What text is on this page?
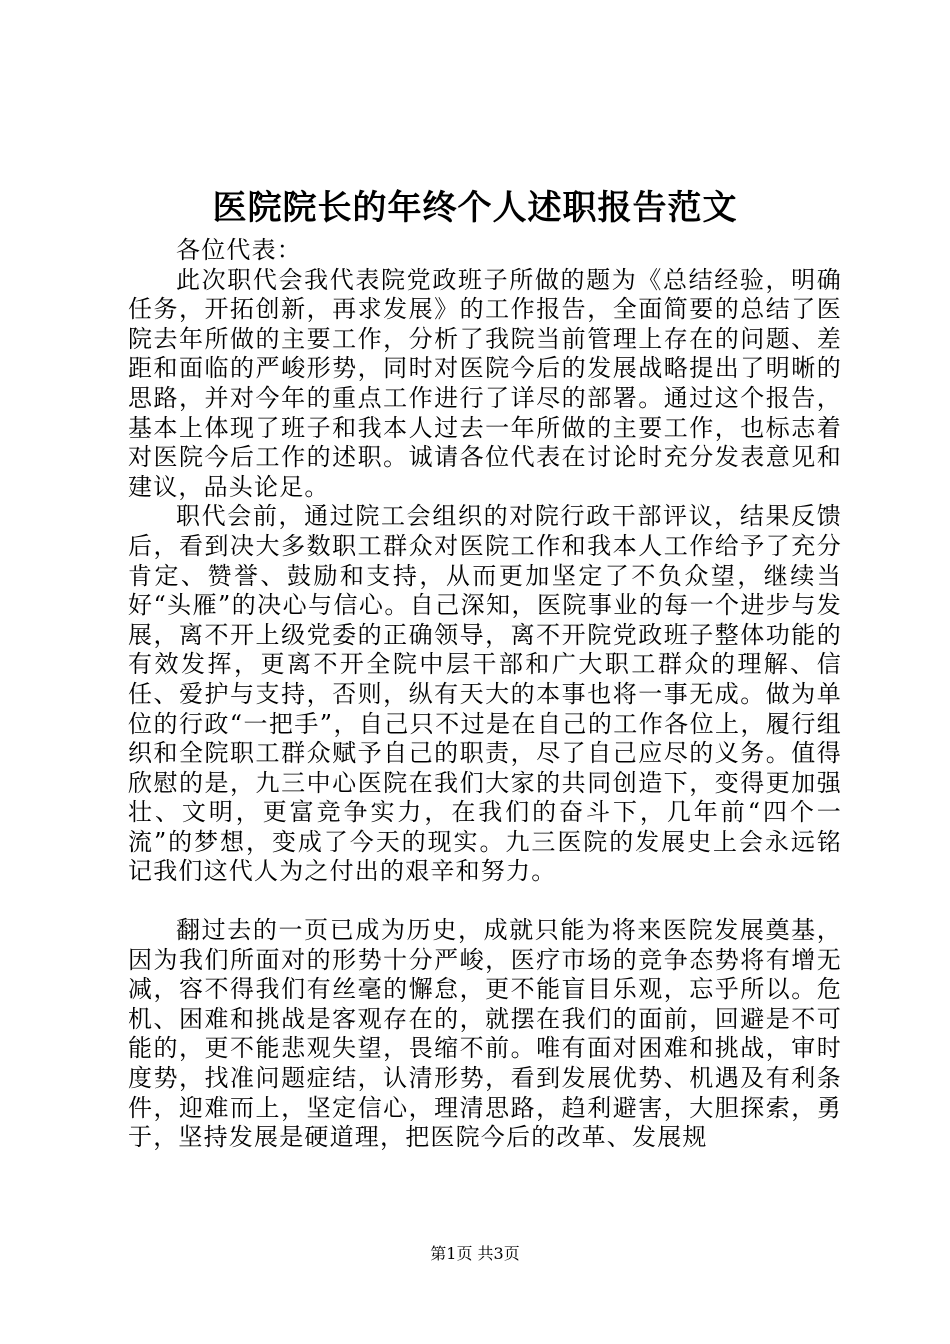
医院院长的年终个人述职报告范文

各位代表：

此次职代会我代表院党政班子所做的题为《总结经验，明确任务，开拓创新，再求发展》的工作报告，全面简要的总结了医院去年所做的主要工作，分析了我院当前管理上存在的问题、差距和面临的严峻形势，同时对医院今后的发展战略提出了明晰的思路，并对今年的重点工作进行了详尽的部署。通过这个报告，基本上体现了班子和我本人过去一年所做的主要工作，也标志着对医院今后工作的述职。诚请各位代表在讨论时充分发表意见和建议，品头论足。

职代会前，通过院工会组织的对院行政干部评议，结果反馈后，看到决大多数职工群众对医院工作和我本人工作给予了充分肯定、赞誉、鼓励和支持，从而更加坚定了不负众望，继续当好“头雁”的决心与信心。自己深知，医院事业的每一个进步与发展，离不开上级党委的正确领导，离不开院党政班子整体功能的有效发挥，更离不开全院中层干部和广大职工群众的理解、信任、爱护与支持，否则，纵有天大的本事也将一事无成。做为单位的行政“一把手”，自己只不过是在自己的工作各位上，履行组织和全院职工群众赋予自己的职责，尽了自己应尽的义务。值得欣慰的是，九三中心医院在我们大家的共同创造下，变得更加强壮、文明，更富竞争实力，在我们的奋斗下，几年前“四个一流”的梦想，变成了今天的现实。九三医院的发展史上会永远铭记我们这代人为之付出的艰辛和努力。

翻过去的一页已成为历史，成就只能为将来医院发展奠基，因为我们所面对的形势十分严峻，医疗市场的竞争态势将有增无减，容不得我们有丝毫的懈怠，更不能盲目乐观，忘乎所以。危机、困难和挑战是客观存在的，就摆在我们的面前，回避是不可能的，更不能悲观失望，畏缩不前。唯有面对困难和挑战，审时度势，找准问题症结，认清形势，看到发展优势、机遇及有利条件，迎难而上，坚定信心，理清思路，趋利避害，大胆探索，勇于，坚持发展是硬道理，把医院今后的改革、发展规

第1页 共3页
